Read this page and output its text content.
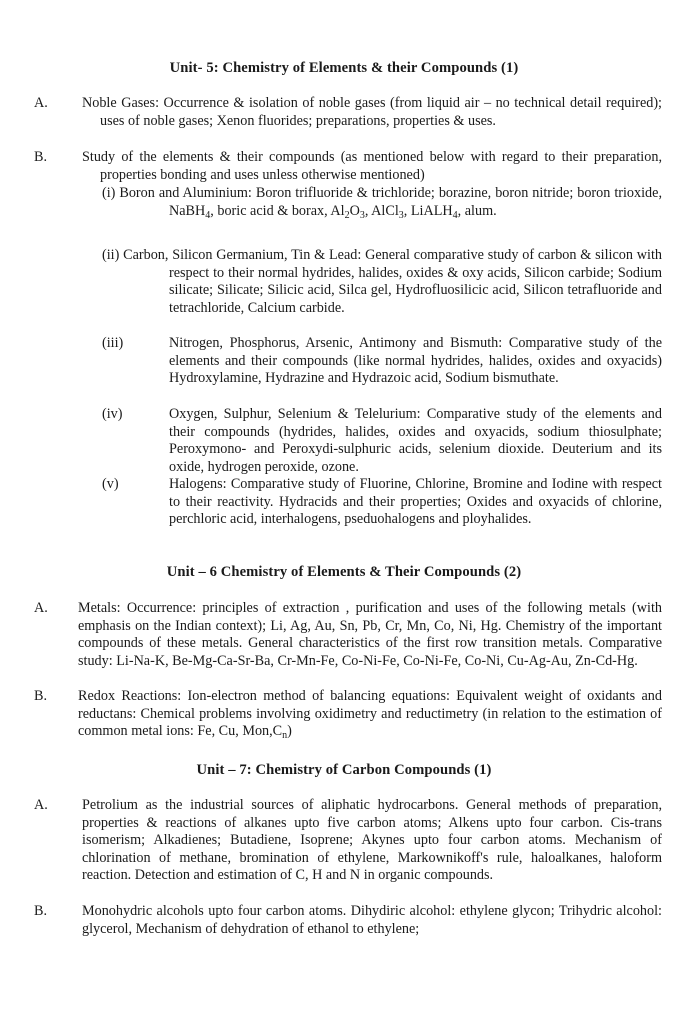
Unit- 5: Chemistry of Elements & their Compounds (1)
A. Noble Gases: Occurrence & isolation of noble gases (from liquid air – no technical detail required); uses of noble gases; Xenon fluorides; preparations, properties & uses.
B. Study of the elements & their compounds (as mentioned below with regard to their preparation, properties bonding and uses unless otherwise mentioned)
(i) Boron and Aluminium: Boron trifluoride & trichloride; borazine, boron nitride; boron trioxide, NaBH$_4$, boric acid & borax, $Al_2O_3$, AlCl$_3$, LiALH$_4$, alum.
(ii) Carbon, Silicon Germanium, Tin & Lead: General comparative study of carbon & silicon with respect to their normal hydrides, halides, oxides & oxy acids, Silicon carbide; Sodium silicate; Silicate; Silicic acid, Silca gel, Hydrofluosilicic acid, Silicon tetrafluoride and tetrachloride, Calcium carbide.
(iii)	Nitrogen, Phosphorus, Arsenic, Antimony and Bismuth: Comparative study of the elements and their compounds (like normal hydrides, halides, oxides and oxyacids) Hydroxylamine, Hydrazine and Hydrazoic acid, Sodium bismuthate.
(iv)	Oxygen, Sulphur, Selenium & Telelurium: Comparative study of the elements and their compounds (hydrides, halides, oxides and oxyacids, sodium thiosulphate; Peroxymono- and Peroxydi-sulphuric acids, selenium dioxide. Deuterium and its oxide, hydrogen peroxide, ozone.
(v)	Halogens: Comparative study of Fluorine, Chlorine, Bromine and Iodine with respect to their reactivity. Hydracids and their properties; Oxides and oxyacids of chlorine, perchloric acid, interhalogens, pseduohalogens and ployhalides.
Unit – 6 Chemistry of Elements & Their Compounds (2)
A. Metals: Occurrence: principles of extraction , purification and uses of the following metals (with emphasis on the Indian context); Li, Ag, Au, Sn, Pb, Cr, Mn, Co, Ni, Hg. Chemistry of the important compounds of these metals. General characteristics of the first row transition metals. Comparative study: Li-Na-K, Be-Mg-Ca-Sr-Ba, Cr-Mn-Fe, Co-Ni-Fe, Co-Ni-Fe, Co-Ni, Cu-Ag-Au, Zn-Cd-Hg.
B. Redox Reactions: Ion-electron method of balancing equations: Equivalent weight of oxidants and reductans: Chemical problems involving oxidimetry and reductimetry (in relation to the estimation of common metal ions: Fe, Cu, $Mon,C_n$)
Unit – 7: Chemistry of Carbon Compounds (1)
A. Petrolium as the industrial sources of aliphatic hydrocarbons. General methods of preparation, properties & reactions of alkanes upto five carbon atoms; Alkens upto four carbon. Cis-trans isomerism; Alkadienes; Butadiene, Isoprene; Akynes upto four carbon atoms. Mechanism of chlorination of methane, bromination of ethylene, Markownikoff's rule, haloalkanes, haloform reaction. Detection and estimation of C, H and N in organic compounds.
B. Monohydric alcohols upto four carbon atoms. Dihydiric alcohol: ethylene glycon; Trihydric alcohol: glycerol, Mechanism of dehydration of ethanol to ethylene;
